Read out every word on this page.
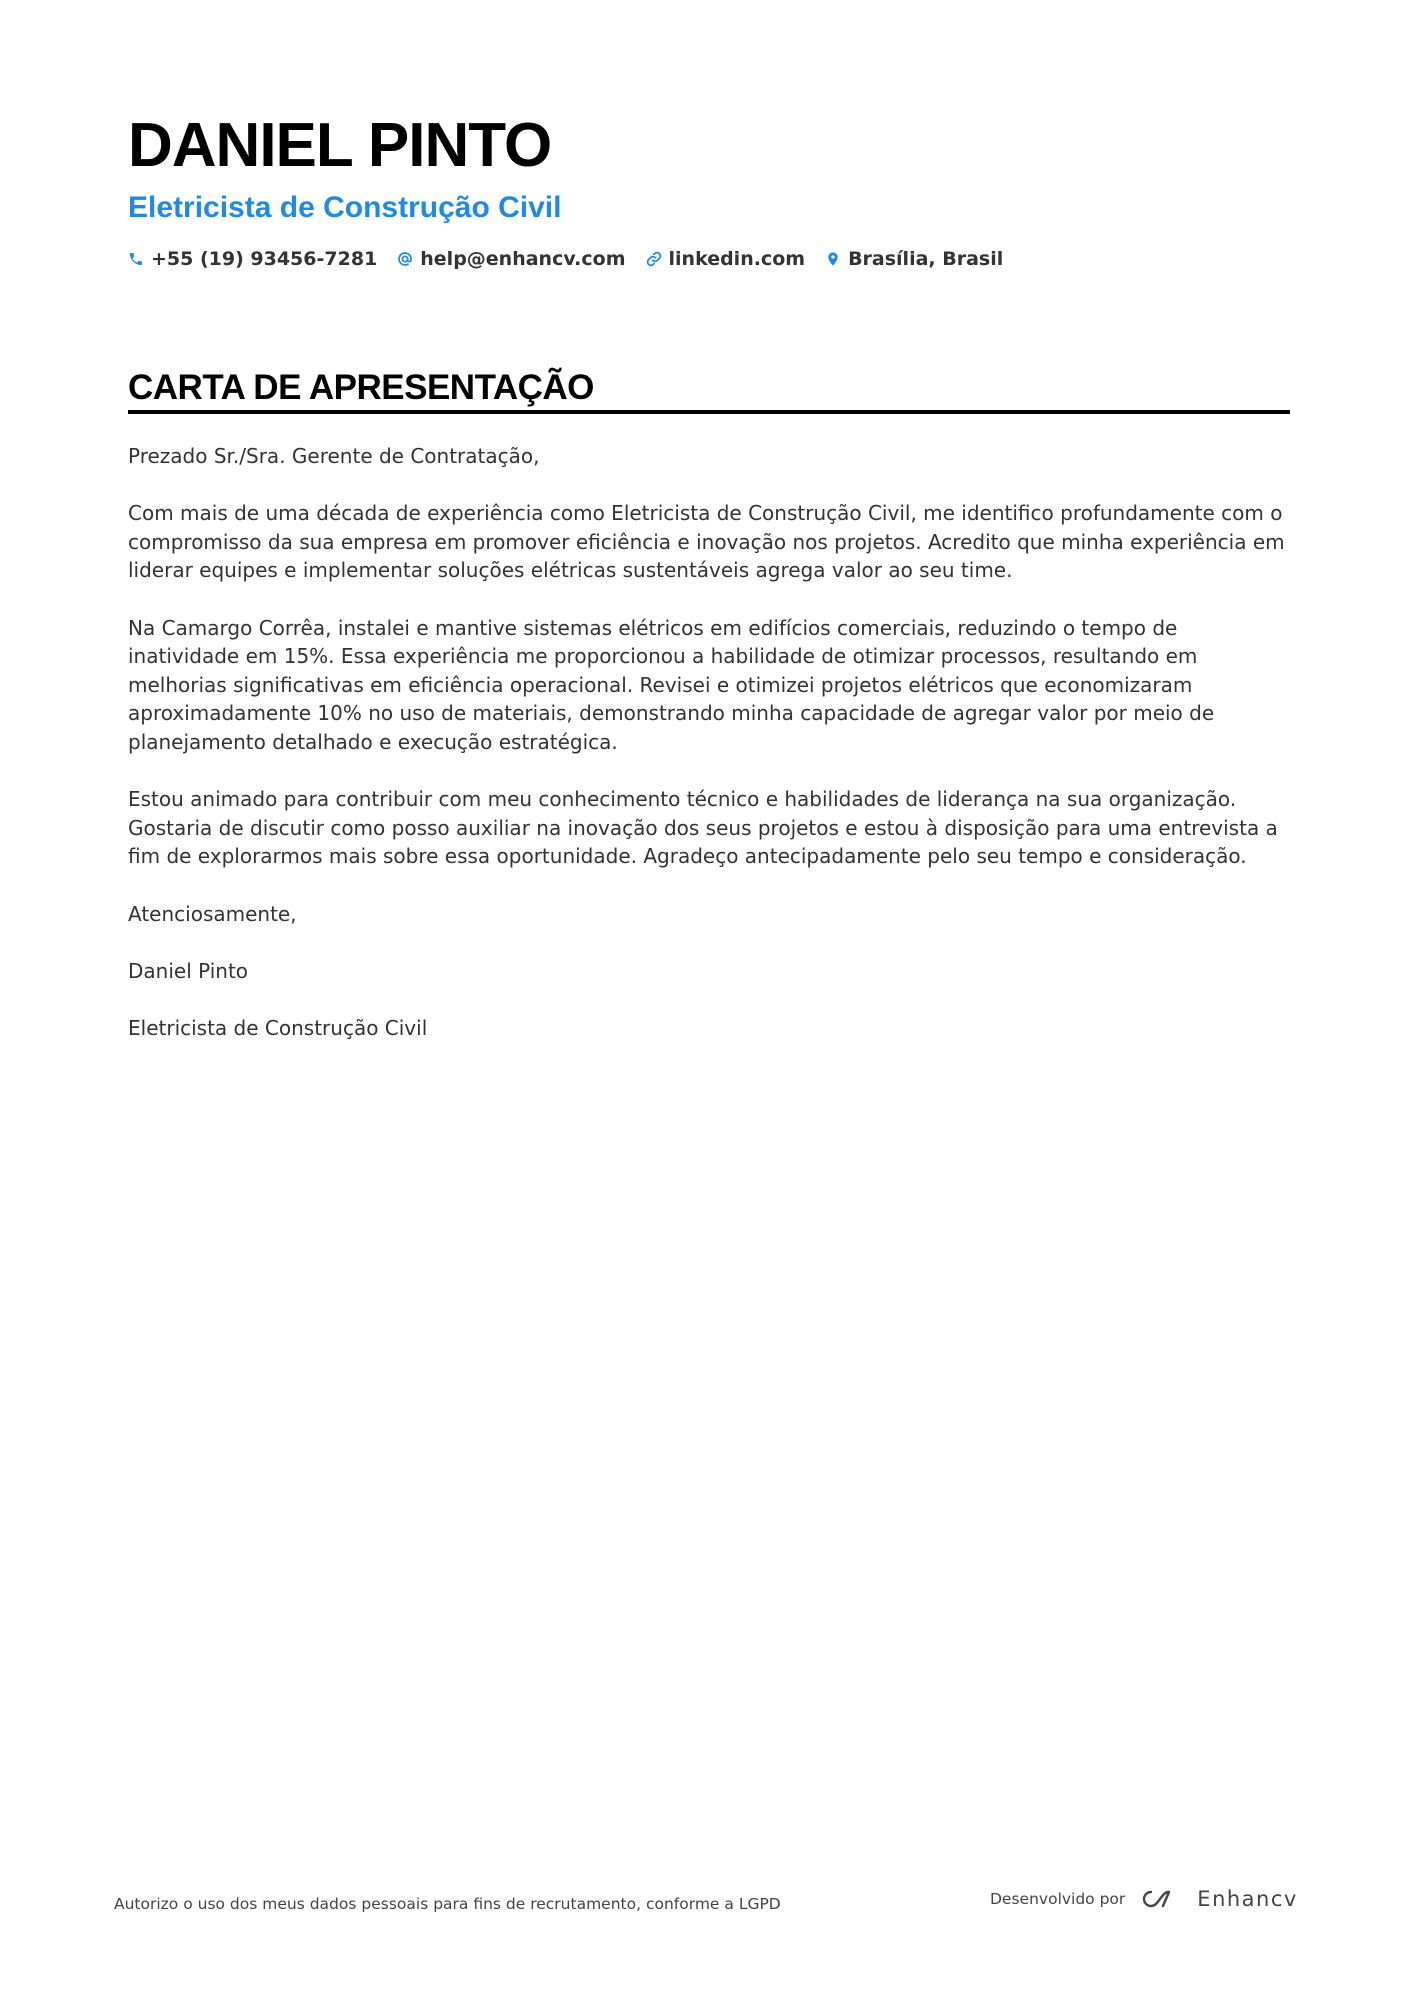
DANIEL PINTO
Eletricista de Construção Civil
+55 (19) 93456-7281 help@enhancv.com linkedin.com Brasília, Brasil
CARTA DE APRESENTAÇÃO

Prezado Sr./Sra. Gerente de Contratação,

Com mais de uma década de experiência como Eletricista de Construção Civil, me identifico profundamente com o compromisso da sua empresa em promover eficiência e inovação nos projetos. Acredito que minha experiência em liderar equipes e implementar soluções elétricas sustentáveis agrega valor ao seu time.

Na Camargo Corrêa, instalei e mantive sistemas elétricos em edifícios comerciais, reduzindo o tempo de inatividade em 15%. Essa experiência me proporcionou a habilidade de otimizar processos, resultando em melhorias significativas em eficiência operacional. Revisei e otimizei projetos elétricos que economizaram aproximadamente 10% no uso de materiais, demonstrando minha capacidade de agregar valor por meio de planejamento detalhado e execução estratégica.

Estou animado para contribuir com meu conhecimento técnico e habilidades de liderança na sua organização. Gostaria de discutir como posso auxiliar na inovação dos seus projetos e estou à disposição para uma entrevista a fim de explorarmos mais sobre essa oportunidade. Agradeço antecipadamente pelo seu tempo e consideração.

Atenciosamente,

Daniel Pinto

Eletricista de Construção Civil

Autorizo o uso dos meus dados pessoais para fins de recrutamento, conforme a LGPD	Desenvolvido por	Enhancv
